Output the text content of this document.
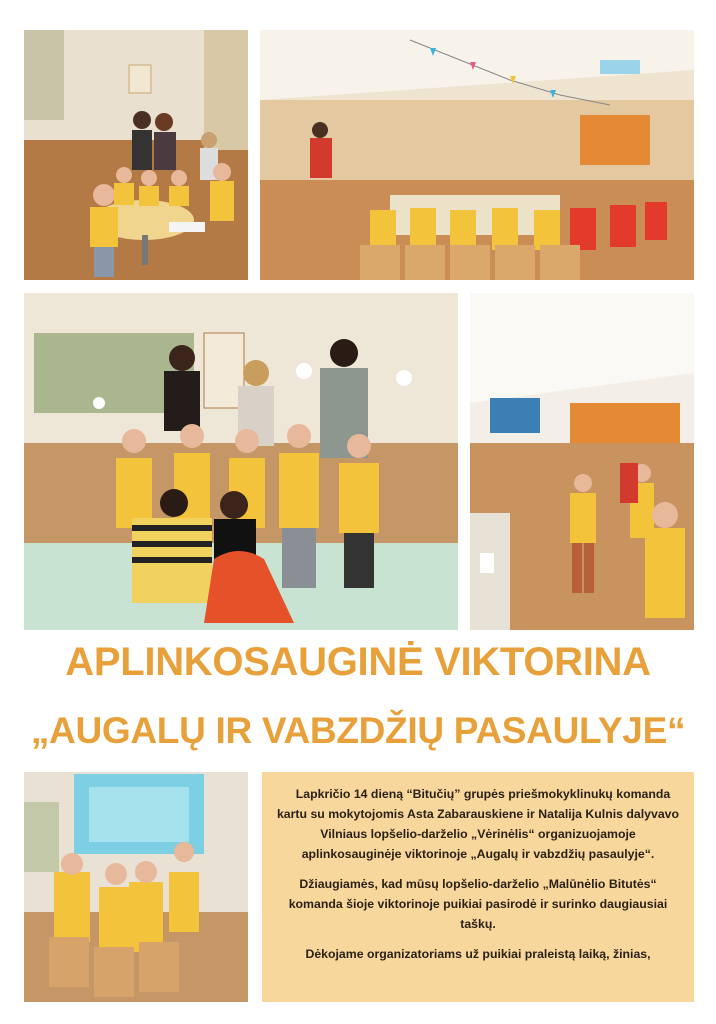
APLINKOSAUGINĖ VIKTORINA
„AUGALŲ IR VABZDŽIŲ PASAULYJE“

Lapkričio 14 dieną “Bitučių” grupės priešmokyklinukų komanda kartu su mokytojomis Asta Zabarauskiene ir Natalija Kulnis dalyvavo Vilniaus lopšelio-darželio „Vėrinėlis“ organizuojamoje aplinkosauginėje viktorinoje „Augalų ir vabzdžių pasaulyje“.

Džiaugiamės, kad mūsų lopšelio-darželio „Malūnėlio Bitutės“ komanda šioje viktorinoje puikiai pasirodė ir surinko daugiausiai taškų.

Dėkojame organizatoriams už puikiai praleistą laiką, žinias,
